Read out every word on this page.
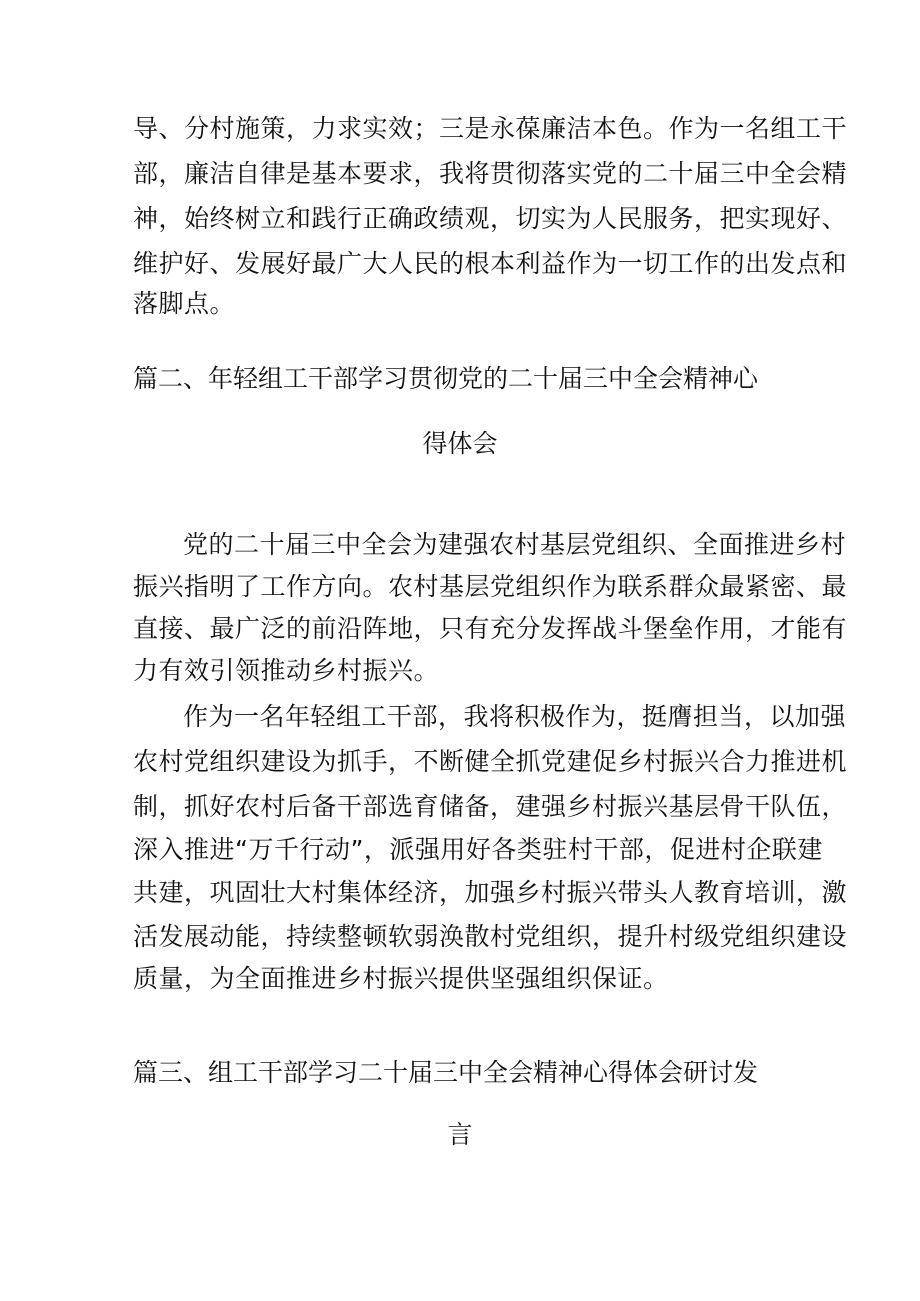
导、分村施策，力求实效；三是永葆廉洁本色。作为一名组工干
部，廉洁自律是基本要求，我将贯彻落实党的二十届三中全会精
神，始终树立和践行正确政绩观，切实为人民服务，把实现好、
维护好、发展好最广大人民的根本利益作为一切工作的出发点和
落脚点。
篇二、年轻组工干部学习贯彻党的二十届三中全会精神心
得体会
党的二十届三中全会为建强农村基层党组织、全面推进乡村
振兴指明了工作方向。农村基层党组织作为联系群众最紧密、最
直接、最广泛的前沿阵地，只有充分发挥战斗堡垒作用，才能有
力有效引领推动乡村振兴。
作为一名年轻组工干部，我将积极作为，挺膺担当，以加强
农村党组织建设为抓手，不断健全抓党建促乡村振兴合力推进机
制，抓好农村后备干部选育储备，建强乡村振兴基层骨干队伍，
深入推进“万千行动”，派强用好各类驻村干部，促进村企联建
共建，巩固壮大村集体经济，加强乡村振兴带头人教育培训，激
活发展动能，持续整顿软弱涣散村党组织，提升村级党组织建设
质量，为全面推进乡村振兴提供坚强组织保证。
篇三、组工干部学习二十届三中全会精神心得体会研讨发
言
